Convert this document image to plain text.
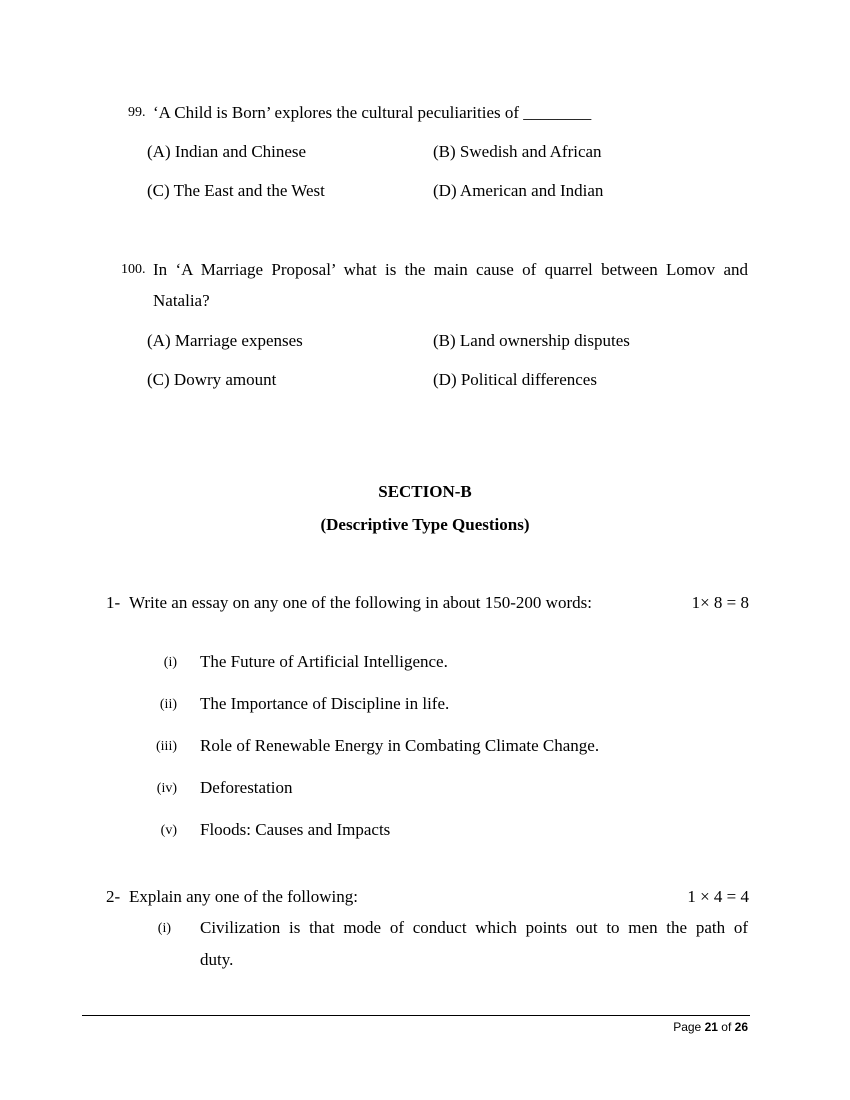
99. ‘A Child is Born’ explores the cultural peculiarities of ________
(A) Indian and Chinese	(B) Swedish and African
(C) The East and the West	(D) American and Indian
100. In ‘A Marriage Proposal’ what is the main cause of quarrel between Lomov and
Natalia?
(A) Marriage expenses	(B) Land ownership disputes
(C) Dowry amount	(D) Political differences
SECTION-B
(Descriptive Type Questions)
1- Write an essay on any one of the following in about 150-200 words:	1× 8 = 8
(i) The Future of Artificial Intelligence.
(ii) The Importance of Discipline in life.
(iii) Role of Renewable Energy in Combating Climate Change.
(iv) Deforestation
(v) Floods: Causes and Impacts
2- Explain any one of the following:	1 × 4 = 4
(i) Civilization is that mode of conduct which points out to men the path of
duty.
Page 21 of 26
